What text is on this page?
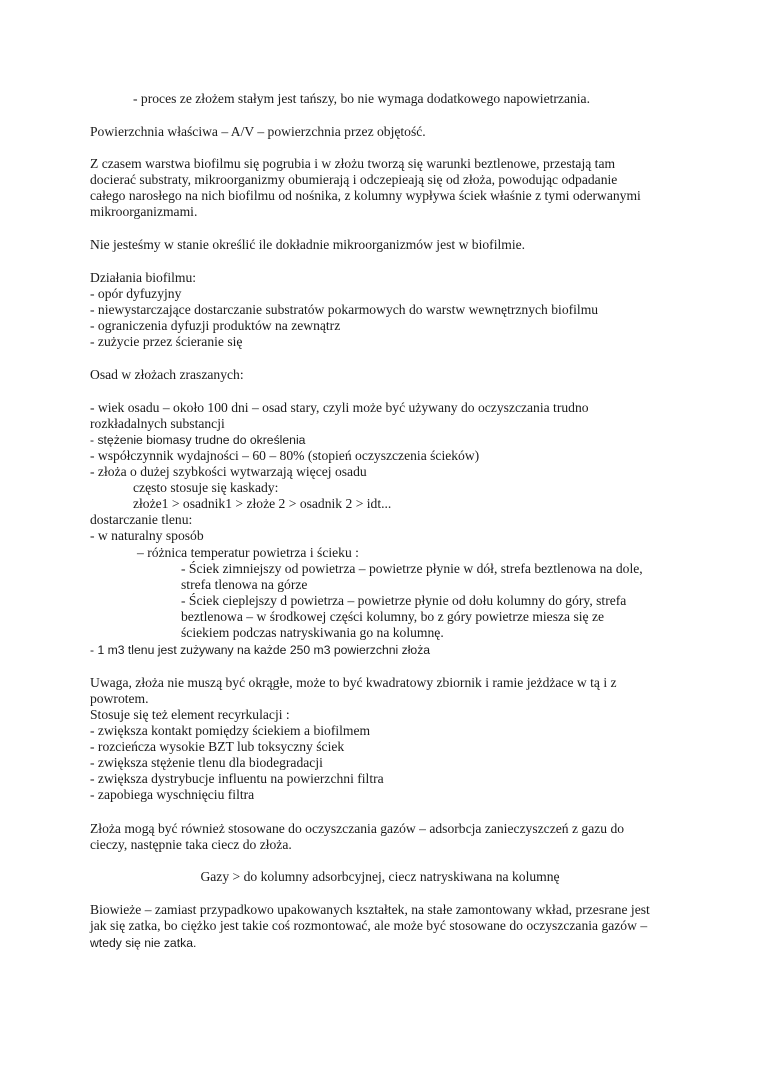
- proces ze złożem stałym jest tańszy, bo nie wymaga dodatkowego napowietrzania.

Powierzchnia właściwa – A/V – powierzchnia przez objętość.

Z czasem warstwa biofilmu się pogrubia i w złożu tworzą się warunki beztlenowe, przestają tam

docierać substraty, mikroorganizmy obumierają i odczepieają się od złoża, powodując odpadanie

całego narosłego na nich biofilmu od nośnika, z kolumny wypływa ściek właśnie z tymi oderwanymi

mikroorganizmami.

Nie jesteśmy w stanie określić ile dokładnie mikroorganizmów jest w biofilmie.

Działania biofilmu:

- opór dyfuzyjny

- niewystarczające dostarczanie substratów pokarmowych do warstw wewnętrznych biofilmu

- ograniczenia dyfuzji produktów na zewnątrz

- zużycie przez ścieranie się

Osad w złożach zraszanych:

- wiek osadu – około 100 dni – osad stary, czyli może być używany do oczyszczania trudno

rozkładalnych substancji

- stężenie biomasy trudne do określenia

- współczynnik wydajności – 60 – 80% (stopień oczyszczenia ścieków)

- złoża o dużej szybkości wytwarzają więcej osadu

często stosuje się kaskady:

złoże1 > osadnik1 > złoże 2 > osadnik 2 > idt...

dostarczanie tlenu:

- w naturalny sposób

– różnica temperatur powietrza i ścieku :

- Ściek zimniejszy od powietrza – powietrze płynie w dół, strefa beztlenowa na dole,

strefa tlenowa na górze

- Ściek cieplejszy d powietrza – powietrze płynie od dołu kolumny do góry, strefa

beztlenowa – w środkowej części kolumny, bo z góry powietrze miesza się ze

ściekiem podczas natryskiwania go na kolumnę.

- 1 m3 tlenu jest zużywany na każde 250 m3 powierzchni złoża

Uwaga, złoża nie muszą być okrągłe, może to być kwadratowy zbiornik i ramie jeżdżace w tą i z

powrotem.

Stosuje się też element recyrkulacji :

- zwiększa kontakt pomiędzy ściekiem a biofilmem

- rozcieńcza wysokie BZT lub toksyczny ściek

- zwiększa stężenie tlenu dla biodegradacji

- zwiększa dystrybucje influentu na powierzchni filtra

- zapobiega wyschnięciu filtra

Złoża mogą być również stosowane do oczyszczania gazów – adsorbcja zanieczyszczeń z gazu do

cieczy, następnie taka ciecz do złoża.

Gazy > do kolumny adsorbcyjnej, ciecz natryskiwana na kolumnę

Biowieże – zamiast przypadkowo upakowanych kształtek, na stałe zamontowany wkład, przesrane jest

jak się zatka, bo ciężko jest takie coś rozmontować, ale może być stosowane do oczyszczania gazów –

wtedy się nie zatka.
